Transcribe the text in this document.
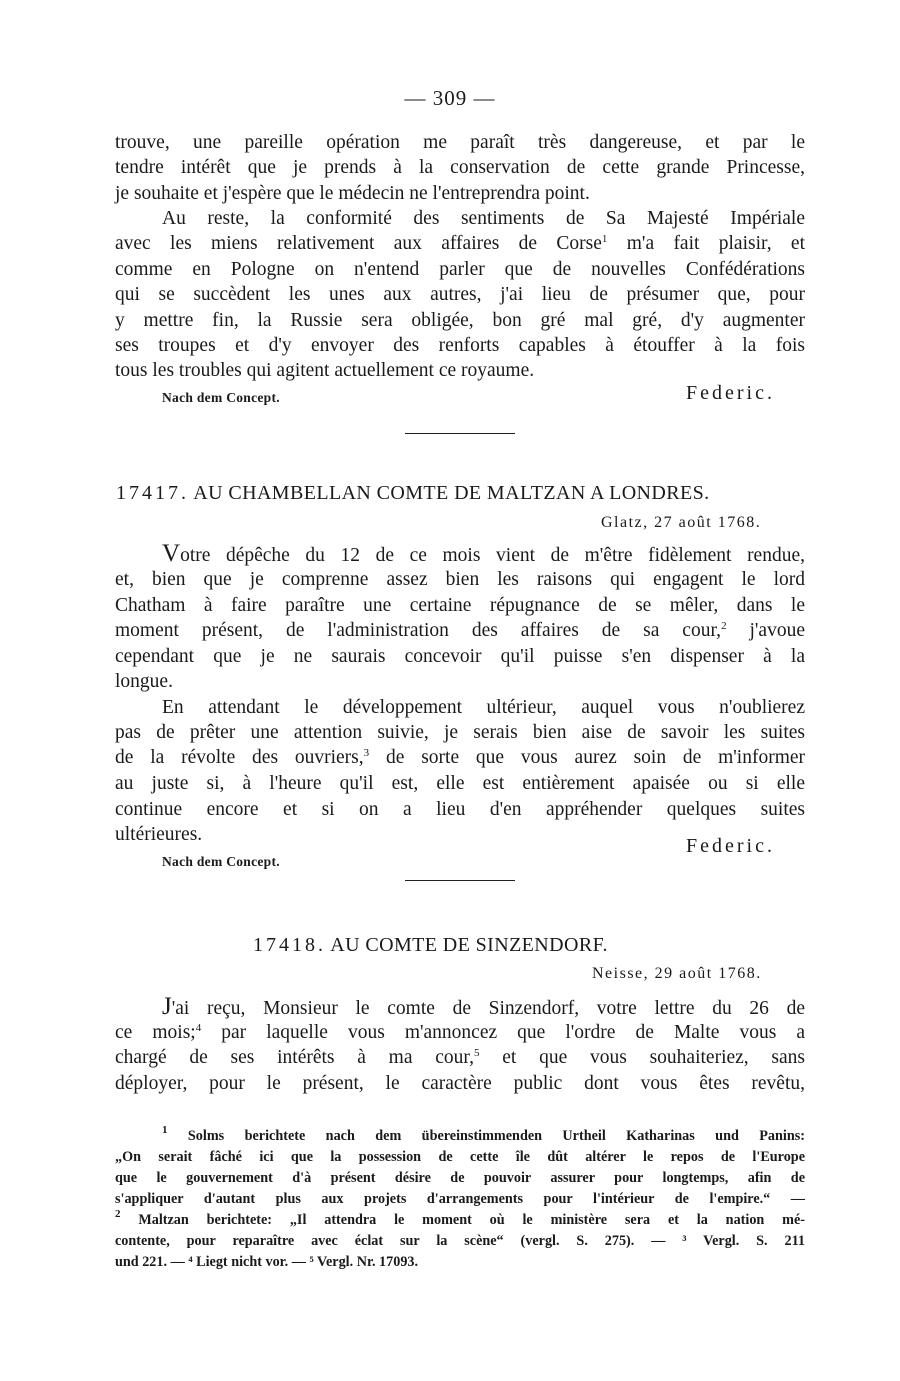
— 309 —
trouve, une pareille opération me paraît très dangereuse, et par le
tendre intérêt que je prends à la conservation de cette grande Princesse,
je souhaite et j'espère que le médecin ne l'entreprendra point.
Au reste, la conformité des sentiments de Sa Majesté Impériale
avec les miens relativement aux affaires de Corse$^1$ m'a fait plaisir, et
comme en Pologne on n'entend parler que de nouvelles Confédérations
qui se succèdent les unes aux autres, j'ai lieu de présumer que, pour
y mettre fin, la Russie sera obligée, bon gré mal gré, d'y augmenter
ses troupes et d'y envoyer des renforts capables à étouffer à la fois
tous les troubles qui agitent actuellement ce royaume.
Nach dem Concept.	Federic.
17417. AU CHAMBELLAN COMTE DE MALTZAN A LONDRES.
Glatz, 27 août 1768.
Votre dépêche du 12 de ce mois vient de m'être fidèlement rendue,
et, bien que je comprenne assez bien les raisons qui engagent le lord
Chatham à faire paraître une certaine répugnance de se mêler, dans le
moment présent, de l'administration des affaires de sa cour,$^2$ j'avoue
cependant que je ne saurais concevoir qu'il puisse s'en dispenser à la
longue.
En attendant le développement ultérieur, auquel vous n'oublierez
pas de prêter une attention suivie, je serais bien aise de savoir les suites
de la révolte des ouvriers,$^3$ de sorte que vous aurez soin de m'informer
au juste si, à l'heure qu'il est, elle est entièrement apaisée ou si elle
continue encore et si on a lieu d'en appréhender quelques suites
ultérieures.
Federic.
Nach dem Concept.
17418. AU COMTE DE SINZENDORF.
Neisse, 29 août 1768.
J'ai reçu, Monsieur le comte de Sinzendorf, votre lettre du 26 de
ce mois;$^4$ par laquelle vous m'annoncez que l'ordre de Malte vous a
chargé de ses intérêts à ma cour,$^5$ et que vous souhaiteriez, sans
déployer, pour le présent, le caractère public dont vous êtes revêtu,
$^1$ Solms berichtete nach dem übereinstimmenden Urtheil Katharinas und Panins:
„On serait fâché ici que la possession de cette île dût altérer le repos de l'Europe
que le gouvernement d'à présent désire de pouvoir assurer pour longtemps, afin de
s'appliquer d'autant plus aux projets d'arrangements pour l'intérieur de l'empire.“ —
$^2$ Maltzan berichtete: „Il attendra le moment où le ministère sera et la nation mé-
contente, pour reparaître avec éclat sur la scène“ (vergl. S. 275). — ³ Vergl. S. 211
und 221. — ⁴ Liegt nicht vor. — ⁵ Vergl. Nr. 17093.
